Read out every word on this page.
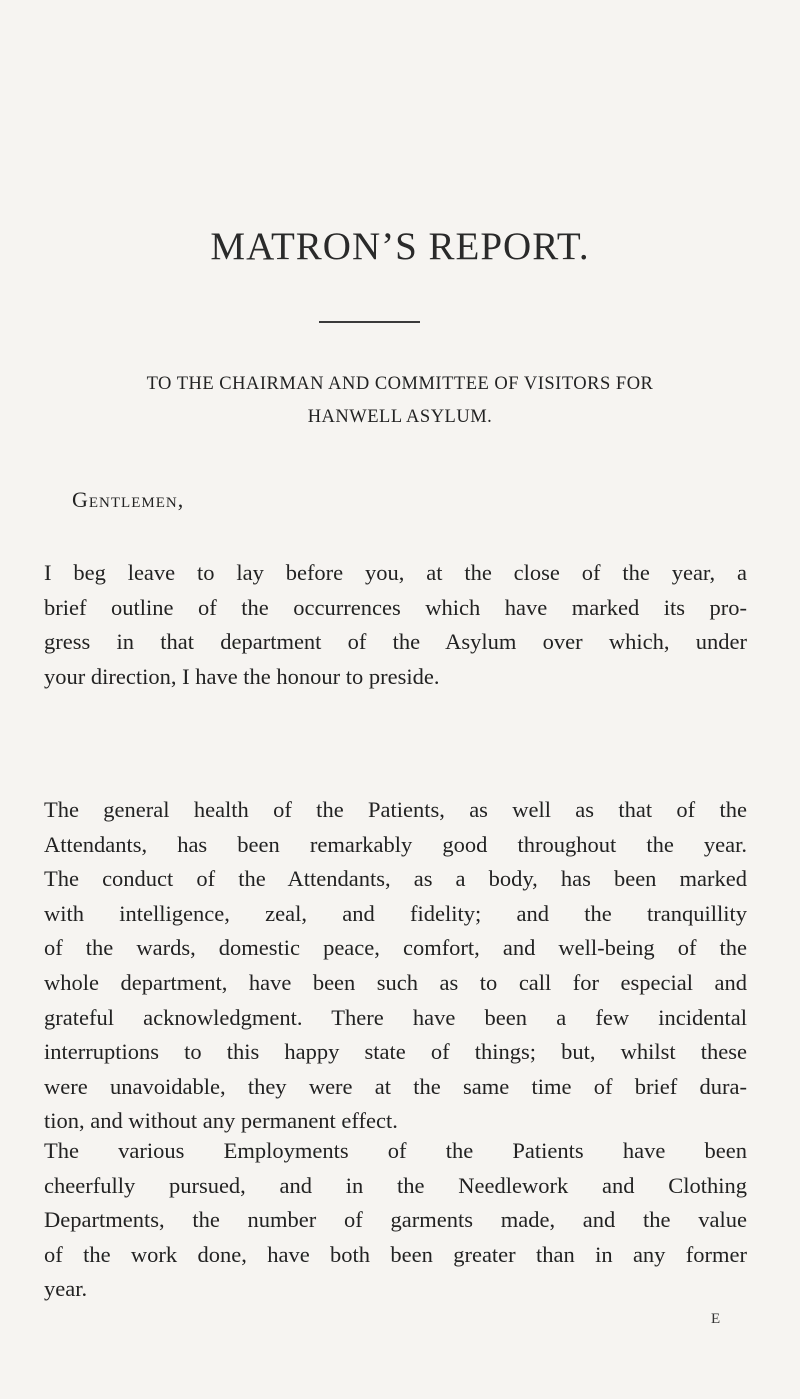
MATRON’S REPORT.
TO THE CHAIRMAN AND COMMITTEE OF VISITORS FOR
HANWELL ASYLUM.
Gentlemen,

I beg leave to lay before you, at the close of the year, a
brief outline of the occurrences which have marked its pro-
gress in that department of the Asylum over which, under
your direction, I have the honour to preside.

The general health of the Patients, as well as that of the
Attendants, has been remarkably good throughout the year.
The conduct of the Attendants, as a body, has been marked
with intelligence, zeal, and fidelity; and the tranquillity
of the wards, domestic peace, comfort, and well-being of the
whole department, have been such as to call for especial and
grateful acknowledgment. There have been a few incidental
interruptions to this happy state of things; but, whilst these
were unavoidable, they were at the same time of brief dura-
tion, and without any permanent effect.

The various Employments of the Patients have been
cheerfully pursued, and in the Needlework and Clothing
Departments, the number of garments made, and the value
of the work done, have both been greater than in any former
year.

E
